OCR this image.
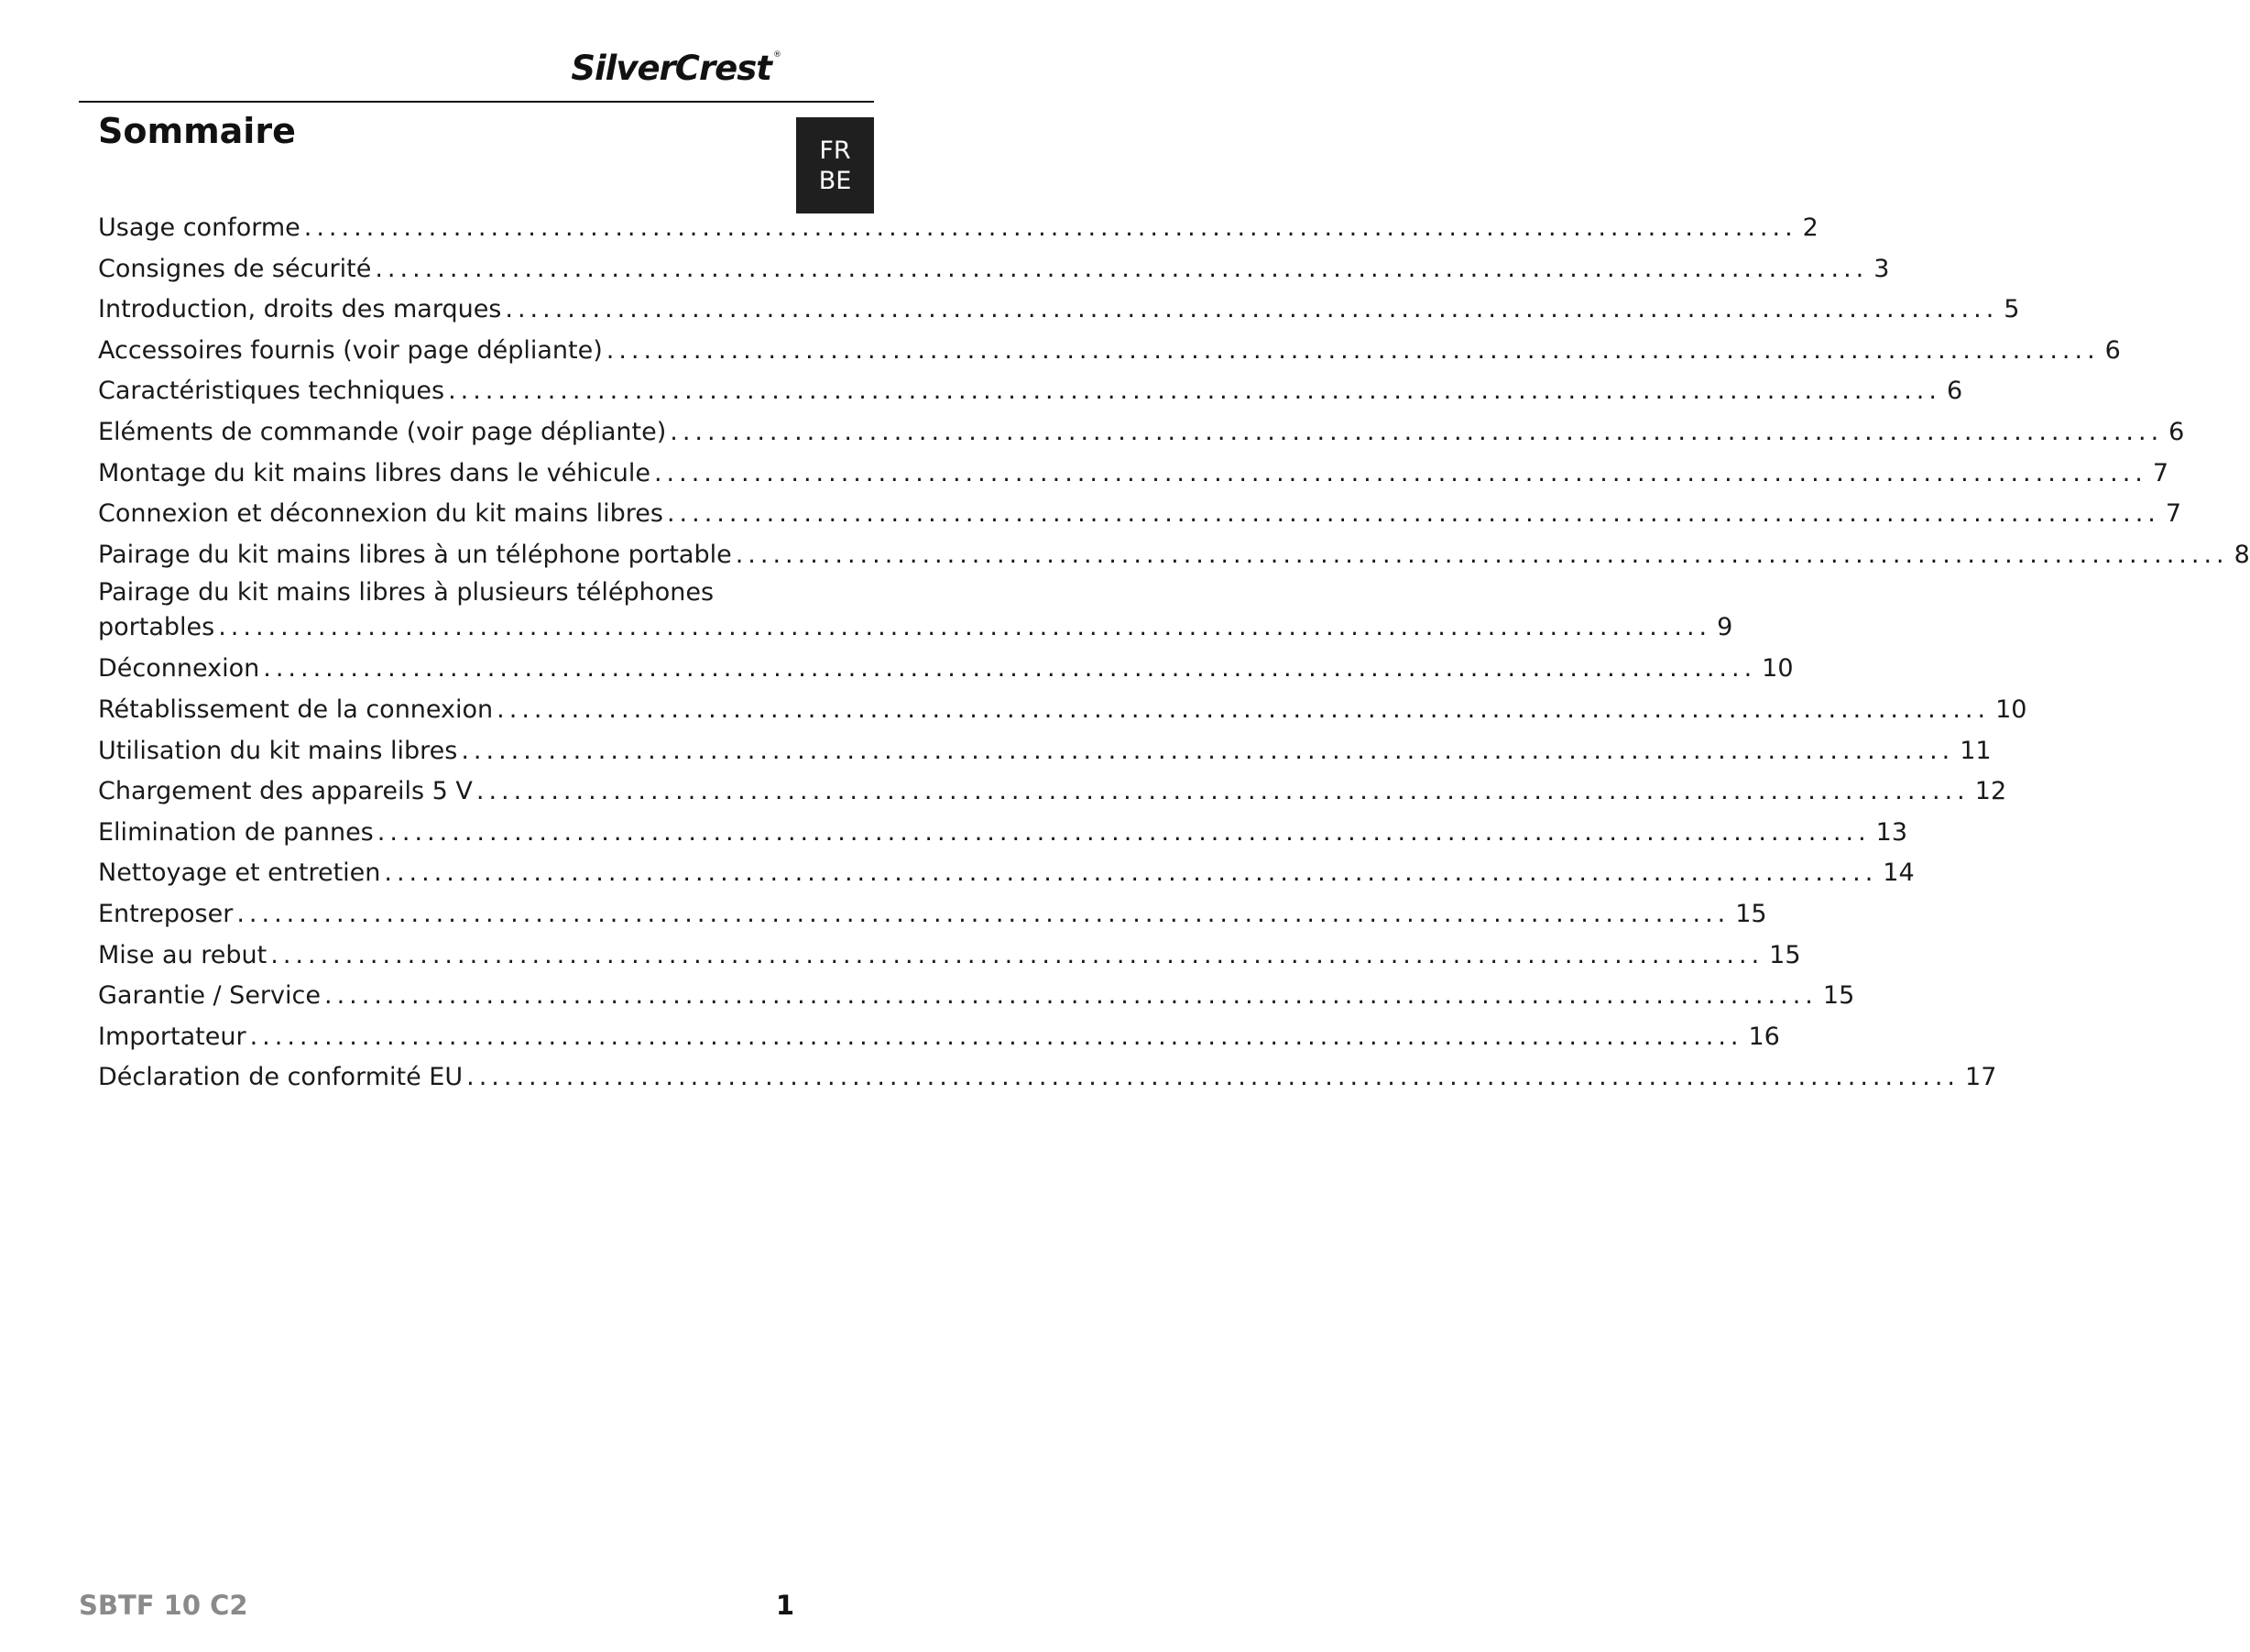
SilverCrest ®
FR
BE
Sommaire
Usage conforme ........................................................................................................................ 2
Consignes de sécurité ........................................................................................................................ 3
Introduction, droits des marques ........................................................................................................................ 5
Accessoires fournis (voir page dépliante) ........................................................................................................................ 6
Caractéristiques techniques ........................................................................................................................ 6
Eléments de commande (voir page dépliante) ........................................................................................................................ 6
Montage du kit mains libres dans le véhicule ........................................................................................................................ 7
Connexion et déconnexion du kit mains libres ........................................................................................................................ 7
Pairage du kit mains libres à un téléphone portable ........................................................................................................................ 8
Pairage du kit mains libres à plusieurs téléphones
portables ........................................................................................................................ 9
Déconnexion ........................................................................................................................ 10
Rétablissement de la connexion ........................................................................................................................ 10
Utilisation du kit mains libres ........................................................................................................................ 11
Chargement des appareils 5 V ........................................................................................................................ 12
Elimination de pannes ........................................................................................................................ 13
Nettoyage et entretien ........................................................................................................................ 14
Entreposer ........................................................................................................................ 15
Mise au rebut ........................................................................................................................ 15
Garantie / Service ........................................................................................................................ 15
Importateur ........................................................................................................................ 16
Déclaration de conformité EU ........................................................................................................................ 17
SBTF 10 C2	1
